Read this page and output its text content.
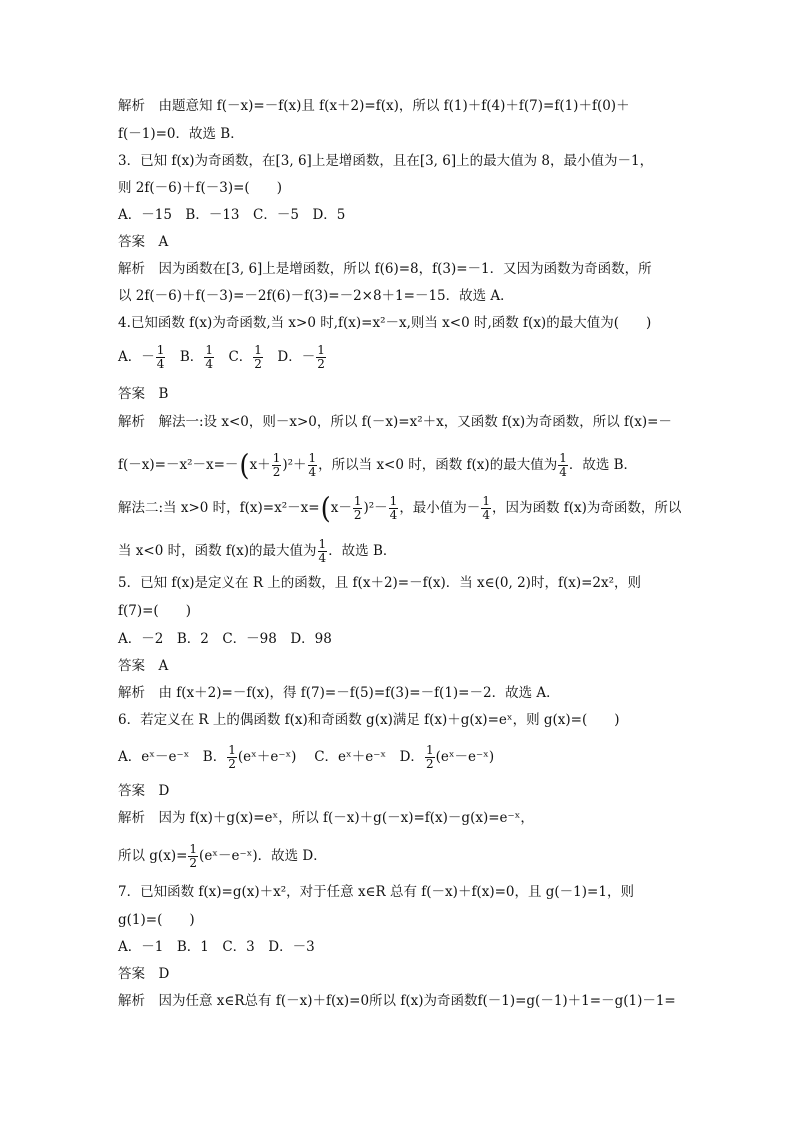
解析　由题意知 f(－x)=－f(x)且 f(x＋2)=f(x)，所以 f(1)＋f(4)＋f(7)=f(1)＋f(0)＋
f(－1)=0．故选 B．
3．已知 f(x)为奇函数，在[3, 6]上是增函数，且在[3, 6]上的最大值为 8，最小值为－1，
则 2f(－6)＋f(－3)=(　　)
A．－15　B．－13　C．－5　D．5
答案　A
解析　因为函数在[3, 6]上是增函数，所以 f(6)=8，f(3)=－1．又因为函数为奇函数，所
以 2f(－6)＋f(－3)=－2f(6)－f(3)=－2×8＋1=－15．故选 A．
4.已知函数 f(x)为奇函数,当 x>0 时,f(x)=x²－x,则当 x<0 时,函数 f(x)的最大值为(　　)
A．－ $\frac{1}{4}$ 　B． $\frac{1}{4}$ 　C． $\frac{1}{2}$ 　D．－ $\frac{1}{2}$
答案　B
解析　解法一:设 x<0，则－x>0，所以 f(－x)=x²＋x，又函数 f(x)为奇函数，所以 f(x)=－
$f(-x)=-x^2-x=-(x+ \frac{1}{2} )^2+ \frac{1}{4}$ ，所以当 x<0 时，函数 f(x)的最大值为 $\frac{1}{4}$ ．故选 B．
解法二:当 x>0 时，$f(x)=x^2-x=(x- \frac{1}{2} )^2- \frac{1}{4}$ ，最小值为－ $\frac{1}{4}$ ，因为函数 f(x)为奇函数，所以
当 x<0 时，函数 f(x)的最大值为 $\frac{1}{4}$ ．故选 B．
5．已知 f(x)是定义在 R 上的函数，且 f(x＋2)=－f(x)．当 x∈(0, 2)时，f(x)=2x²，则
f(7)=(　　)
A．－2　B．2　C．－98　D．98
答案　A
解析　由 f(x＋2)=－f(x)，得 f(7)=－f(5)=f(3)=－f(1)=－2．故选 A．
6．若定义在 R 上的偶函数 f(x)和奇函数 g(x)满足 f(x)＋g(x)=eˣ，则 g(x)=(　　)
A．eˣ－e⁻ˣ　B． $\frac{1}{2}$ (eˣ＋e⁻ˣ)　 C．eˣ＋e⁻ˣ　D． $\frac{1}{2}$ (eˣ－e⁻ˣ)
答案　D
解析　因为 f(x)＋g(x)=eˣ，所以 f(－x)＋g(－x)=f(x)－g(x)=e⁻ˣ，
所以 $g(x)= \frac{1}{2}$ (eˣ－e⁻ˣ)．故选 D．
7．已知函数 f(x)=g(x)＋x²，对于任意 x∈R 总有 f(－x)＋f(x)=0，且 g(－1)=1，则
g(1)=(　　)
A．－1　B．1　C．3　D．－3
答案　D
解析　因为任意 x∈R总有 f(－x)＋f(x)=0所以 f(x)为奇函数f(－1)=g(－1)＋1=－g(1)－1=
